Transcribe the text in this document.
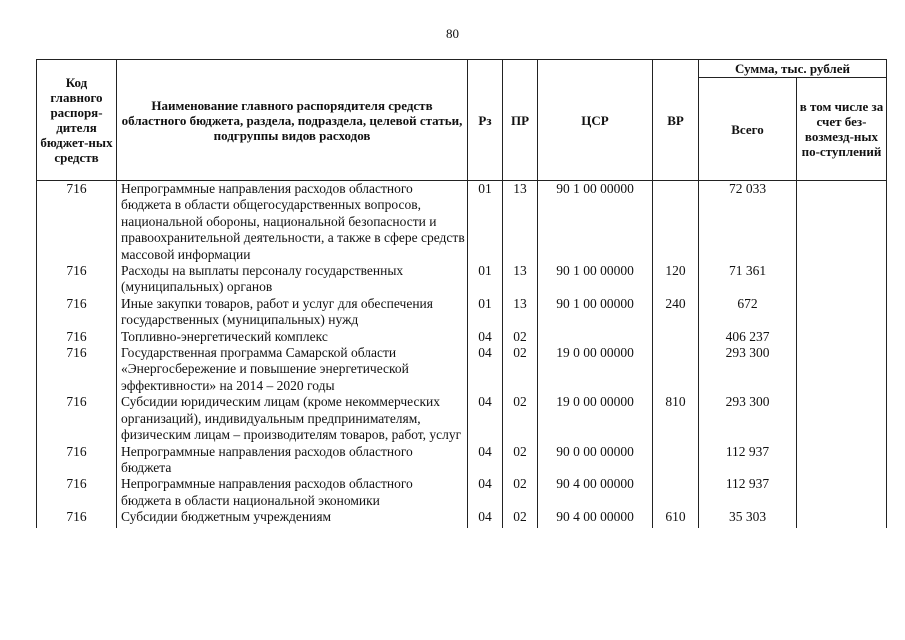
80
Код главного распоря-дителя бюджет-ных средств	Наименование главного распорядителя средств областного бюджета, раздела, подраздела, целевой статьи, подгруппы видов расходов	Рз	ПР	ЦСР	ВР	Сумма, тыс. рублей	
						Всего	в том числе за счет без-возмезд-ных по-ступлений
716	Непрограммные направления расходов областного бюджета в области общегосударственных вопросов, национальной обороны, национальной безопасности и правоохранительной деятельности, а также в сфере средств массовой информации	01	13	90 1 00 00000		72 033	
716	Расходы на выплаты персоналу государственных (муниципальных) органов	01	13	90 1 00 00000	120	71 361	
716	Иные закупки товаров, работ и услуг для обеспечения государственных (муниципальных) нужд	01	13	90 1 00 00000	240	672	
716	Топливно-энергетический комплекс	04	02			406 237	
716	Государственная программа Самарской области «Энергосбережение и повышение энергетической эффективности» на 2014 – 2020 годы	04	02	19 0 00 00000		293 300	
716	Субсидии юридическим лицам (кроме некоммерческих организаций), индивидуальным предпринимателям, физическим лицам – производителям товаров, работ, услуг	04	02	19 0 00 00000	810	293 300	
716	Непрограммные направления расходов областного бюджета	04	02	90 0 00 00000		112 937	
716	Непрограммные направления расходов областного бюджета в области национальной экономики	04	02	90 4 00 00000		112 937	
716	Субсидии бюджетным учреждениям	04	02	90 4 00 00000	610	35 303	
